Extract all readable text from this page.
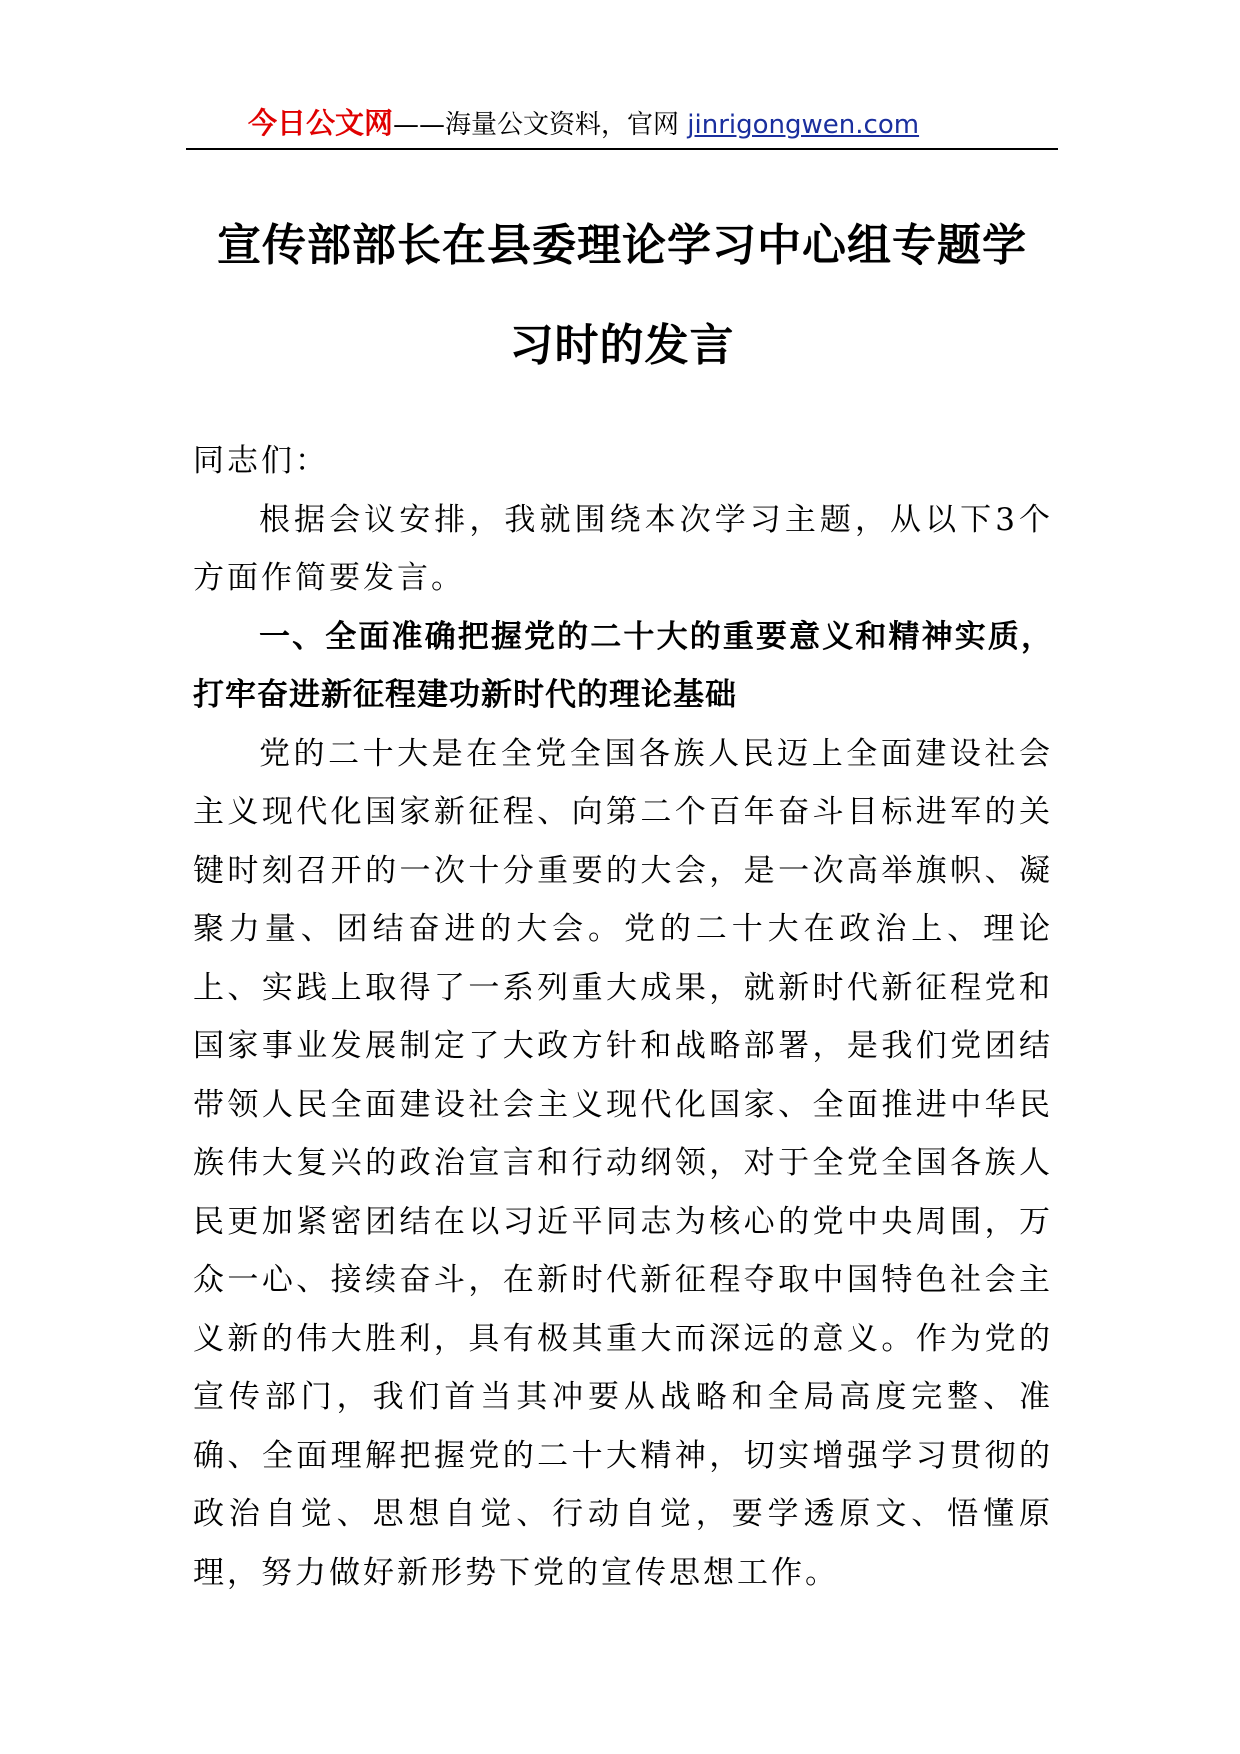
今日公文网——海量公文资料，官网 jinrigongwen.com
宣传部部长在县委理论学习中心组专题学
习时的发言

同志们：

根据会议安排，我就围绕本次学习主题，从以下3个方面作简要发言。

一、全面准确把握党的二十大的重要意义和精神实质，打牢奋进新征程建功新时代的理论基础

党的二十大是在全党全国各族人民迈上全面建设社会主义现代化国家新征程、向第二个百年奋斗目标进军的关键时刻召开的一次十分重要的大会，是一次高举旗帜、凝聚力量、团结奋进的大会。党的二十大在政治上、理论上、实践上取得了一系列重大成果，就新时代新征程党和国家事业发展制定了大政方针和战略部署，是我们党团结带领人民全面建设社会主义现代化国家、全面推进中华民族伟大复兴的政治宣言和行动纲领，对于全党全国各族人民更加紧密团结在以习近平同志为核心的党中央周围，万众一心、接续奋斗，在新时代新征程夺取中国特色社会主义新的伟大胜利，具有极其重大而深远的意义。作为党的宣传部门，我们首当其冲要从战略和全局高度完整、准确、全面理解把握党的二十大精神，切实增强学习贯彻的政治自觉、思想自觉、行动自觉，要学透原文、悟懂原理，努力做好新形势下党的宣传思想工作。
